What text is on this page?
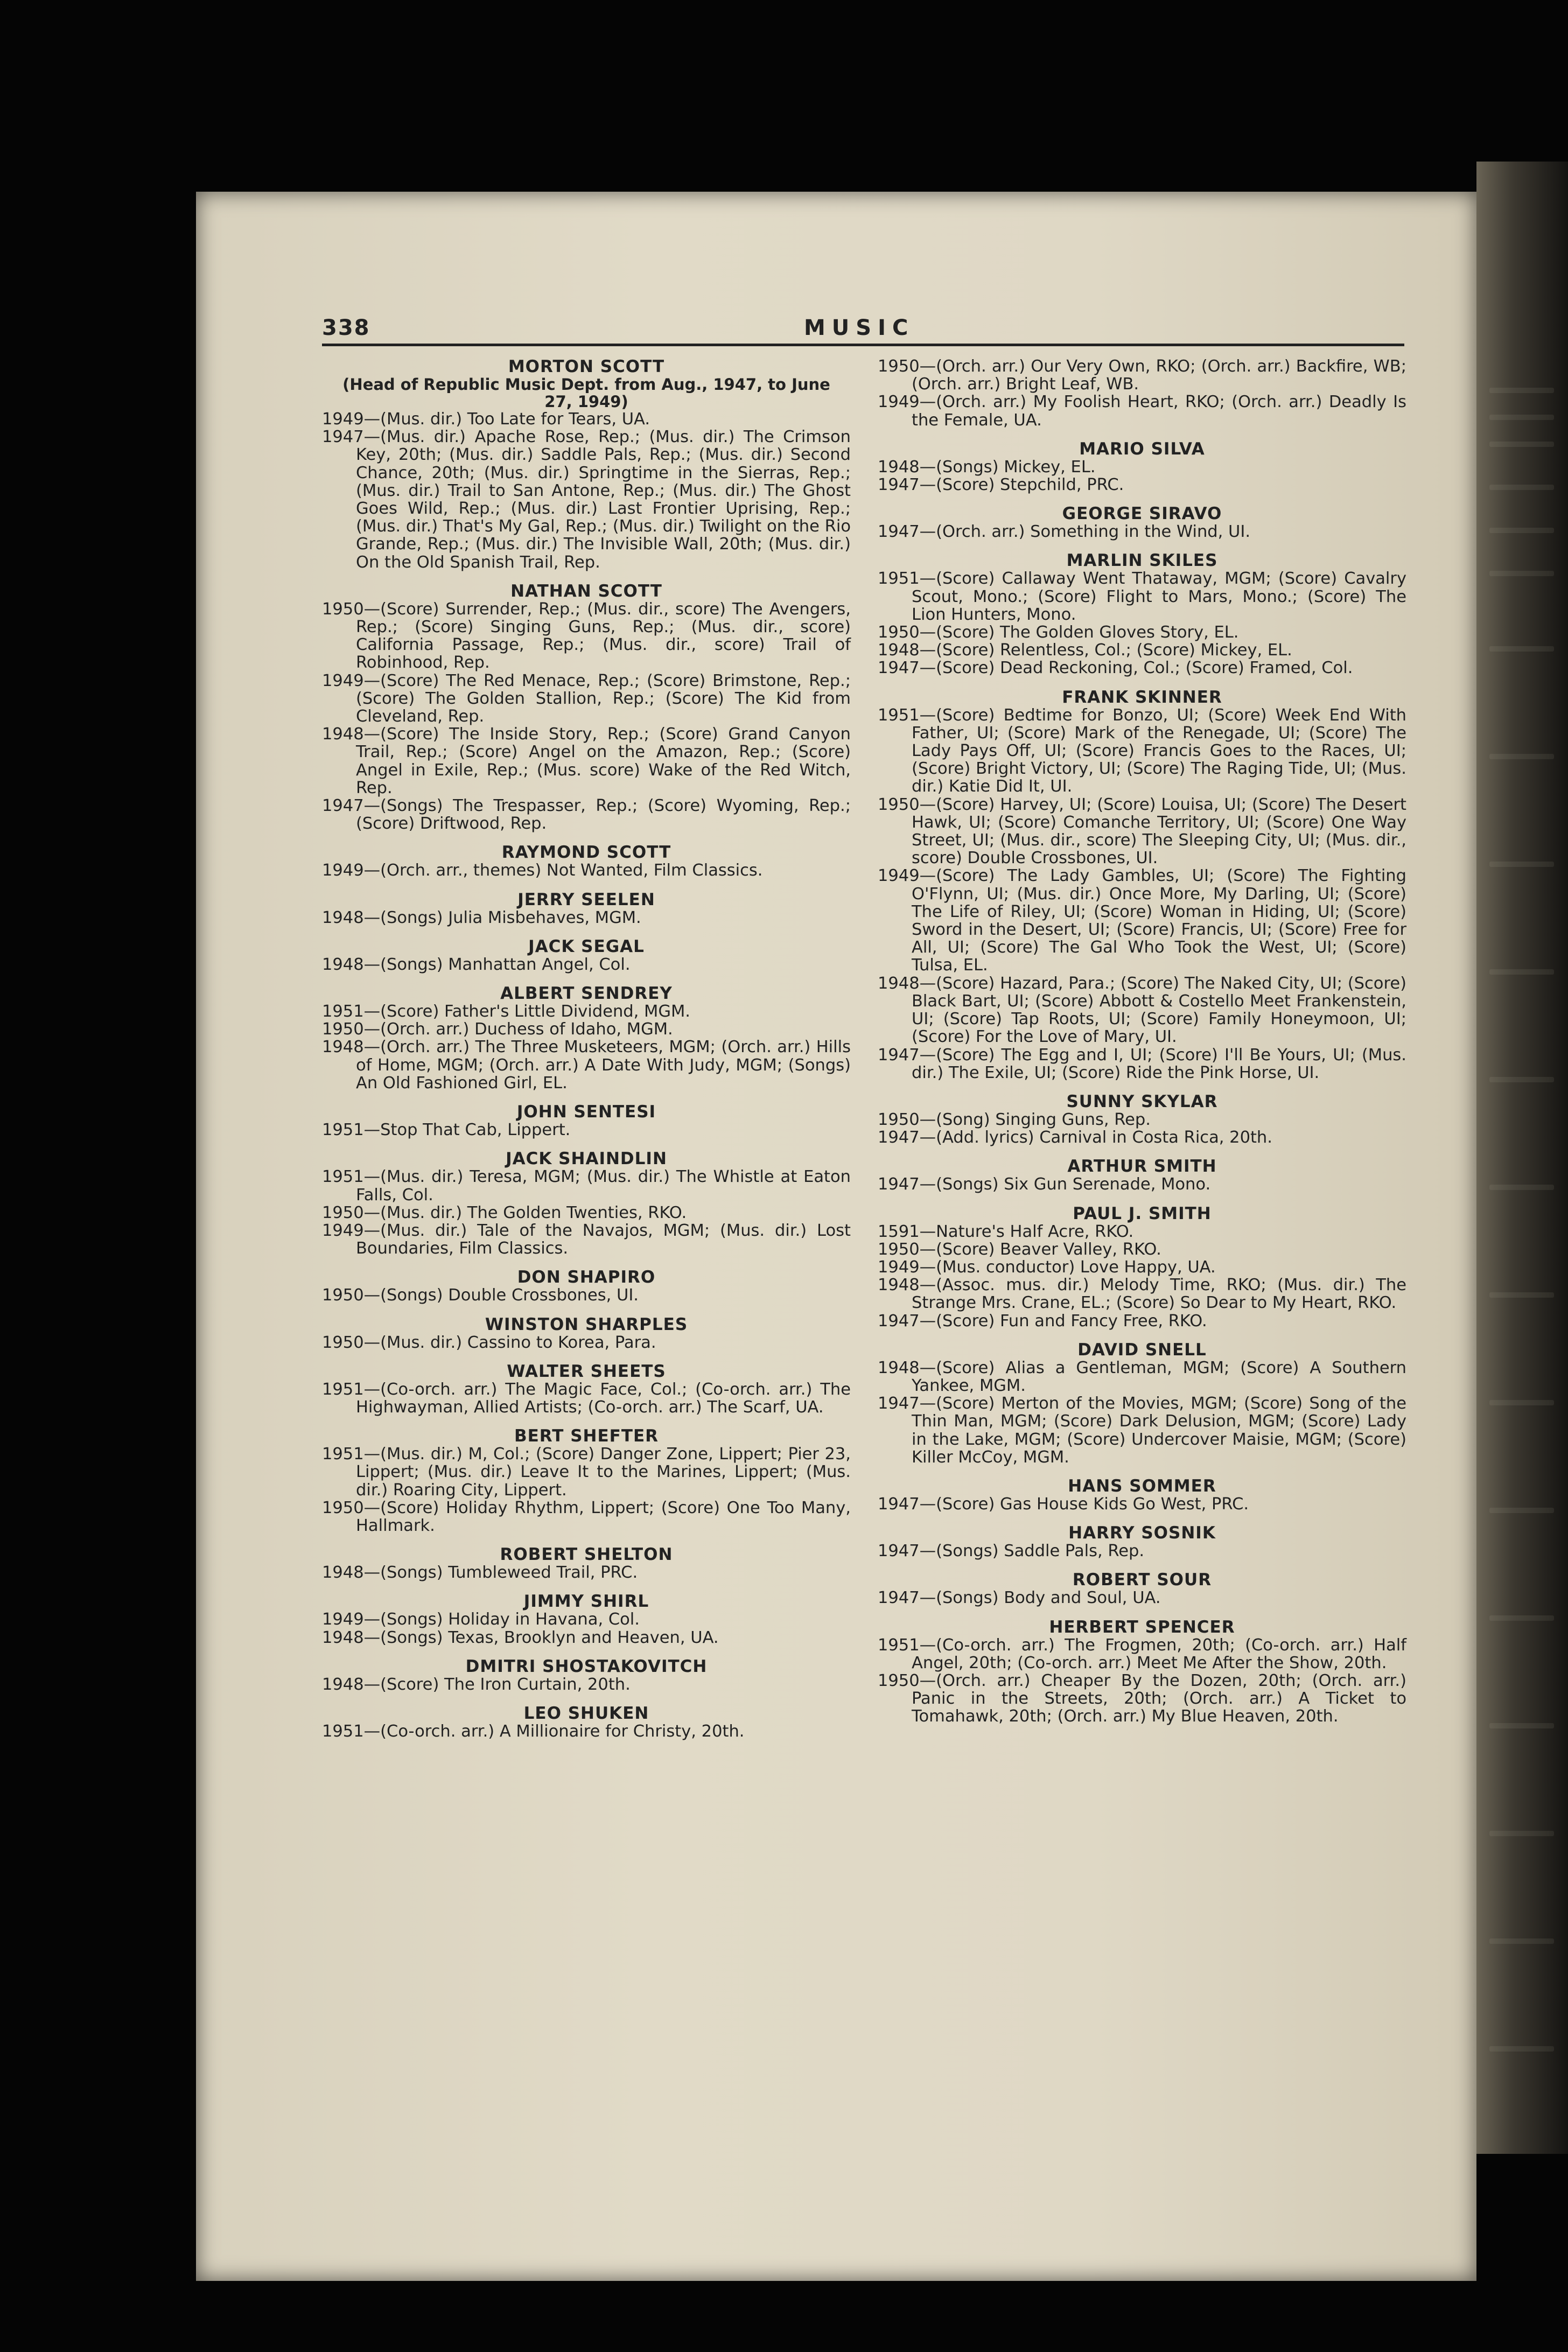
338	MUSIC
MORTON SCOTT
(Head of Republic Music Dept. from Aug., 1947, to June 27, 1949)

1949—(Mus. dir.) Too Late for Tears, UA.

1947—(Mus. dir.) Apache Rose, Rep.; (Mus. dir.) The Crimson Key, 20th; (Mus. dir.) Saddle Pals, Rep.; (Mus. dir.) Second Chance, 20th; (Mus. dir.) Springtime in the Sierras, Rep.; (Mus. dir.) Trail to San Antone, Rep.; (Mus. dir.) The Ghost Goes Wild, Rep.; (Mus. dir.) Last Frontier Uprising, Rep.; (Mus. dir.) That's My Gal, Rep.; (Mus. dir.) Twilight on the Rio Grande, Rep.; (Mus. dir.) The Invisible Wall, 20th; (Mus. dir.) On the Old Spanish Trail, Rep.

NATHAN SCOTT

1950—(Score) Surrender, Rep.; (Mus. dir., score) The Avengers, Rep.; (Score) Singing Guns, Rep.; (Mus. dir., score) California Passage, Rep.; (Mus. dir., score) Trail of Robinhood, Rep.

1949—(Score) The Red Menace, Rep.; (Score) Brimstone, Rep.; (Score) The Golden Stallion, Rep.; (Score) The Kid from Cleveland, Rep.

1948—(Score) The Inside Story, Rep.; (Score) Grand Canyon Trail, Rep.; (Score) Angel on the Amazon, Rep.; (Score) Angel in Exile, Rep.; (Mus. score) Wake of the Red Witch, Rep.

1947—(Songs) The Trespasser, Rep.; (Score) Wyoming, Rep.; (Score) Driftwood, Rep.

RAYMOND SCOTT

1949—(Orch. arr., themes) Not Wanted, Film Classics.

JERRY SEELEN

1948—(Songs) Julia Misbehaves, MGM.

JACK SEGAL

1948—(Songs) Manhattan Angel, Col.

ALBERT SENDREY

1951—(Score) Father's Little Dividend, MGM.

1950—(Orch. arr.) Duchess of Idaho, MGM.

1948—(Orch. arr.) The Three Musketeers, MGM; (Orch. arr.) Hills of Home, MGM; (Orch. arr.) A Date With Judy, MGM; (Songs) An Old Fashioned Girl, EL.

JOHN SENTESI

1951—Stop That Cab, Lippert.

JACK SHAINDLIN

1951—(Mus. dir.) Teresa, MGM; (Mus. dir.) The Whistle at Eaton Falls, Col.

1950—(Mus. dir.) The Golden Twenties, RKO.

1949—(Mus. dir.) Tale of the Navajos, MGM; (Mus. dir.) Lost Boundaries, Film Classics.

DON SHAPIRO

1950—(Songs) Double Crossbones, UI.

WINSTON SHARPLES

1950—(Mus. dir.) Cassino to Korea, Para.

WALTER SHEETS

1951—(Co-orch. arr.) The Magic Face, Col.; (Co-orch. arr.) The Highwayman, Allied Artists; (Co-orch. arr.) The Scarf, UA.

BERT SHEFTER

1951—(Mus. dir.) M, Col.; (Score) Danger Zone, Lippert; Pier 23, Lippert; (Mus. dir.) Leave It to the Marines, Lippert; (Mus. dir.) Roaring City, Lippert.

1950—(Score) Holiday Rhythm, Lippert; (Score) One Too Many, Hallmark.

ROBERT SHELTON

1948—(Songs) Tumbleweed Trail, PRC.

JIMMY SHIRL

1949—(Songs) Holiday in Havana, Col.

1948—(Songs) Texas, Brooklyn and Heaven, UA.

DMITRI SHOSTAKOVITCH

1948—(Score) The Iron Curtain, 20th.

LEO SHUKEN

1951—(Co-orch. arr.) A Millionaire for Christy, 20th.

1950—(Orch. arr.) Our Very Own, RKO; (Orch. arr.) Backfire, WB; (Orch. arr.) Bright Leaf, WB.

1949—(Orch. arr.) My Foolish Heart, RKO; (Orch. arr.) Deadly Is the Female, UA.

MARIO SILVA

1948—(Songs) Mickey, EL.

1947—(Score) Stepchild, PRC.

GEORGE SIRAVO

1947—(Orch. arr.) Something in the Wind, UI.

MARLIN SKILES

1951—(Score) Callaway Went Thataway, MGM; (Score) Cavalry Scout, Mono.; (Score) Flight to Mars, Mono.; (Score) The Lion Hunters, Mono.

1950—(Score) The Golden Gloves Story, EL.

1948—(Score) Relentless, Col.; (Score) Mickey, EL.

1947—(Score) Dead Reckoning, Col.; (Score) Framed, Col.

FRANK SKINNER

1951—(Score) Bedtime for Bonzo, UI; (Score) Week End With Father, UI; (Score) Mark of the Renegade, UI; (Score) The Lady Pays Off, UI; (Score) Francis Goes to the Races, UI; (Score) Bright Victory, UI; (Score) The Raging Tide, UI; (Mus. dir.) Katie Did It, UI.

1950—(Score) Harvey, UI; (Score) Louisa, UI; (Score) The Desert Hawk, UI; (Score) Comanche Territory, UI; (Score) One Way Street, UI; (Mus. dir., score) The Sleeping City, UI; (Mus. dir., score) Double Crossbones, UI.

1949—(Score) The Lady Gambles, UI; (Score) The Fighting O'Flynn, UI; (Mus. dir.) Once More, My Darling, UI; (Score) The Life of Riley, UI; (Score) Woman in Hiding, UI; (Score) Sword in the Desert, UI; (Score) Francis, UI; (Score) Free for All, UI; (Score) The Gal Who Took the West, UI; (Score) Tulsa, EL.

1948—(Score) Hazard, Para.; (Score) The Naked City, UI; (Score) Black Bart, UI; (Score) Abbott & Costello Meet Frankenstein, UI; (Score) Tap Roots, UI; (Score) Family Honeymoon, UI; (Score) For the Love of Mary, UI.

1947—(Score) The Egg and I, UI; (Score) I'll Be Yours, UI; (Mus. dir.) The Exile, UI; (Score) Ride the Pink Horse, UI.

SUNNY SKYLAR

1950—(Song) Singing Guns, Rep.

1947—(Add. lyrics) Carnival in Costa Rica, 20th.

ARTHUR SMITH

1947—(Songs) Six Gun Serenade, Mono.

PAUL J. SMITH

1591—Nature's Half Acre, RKO.

1950—(Score) Beaver Valley, RKO.

1949—(Mus. conductor) Love Happy, UA.

1948—(Assoc. mus. dir.) Melody Time, RKO; (Mus. dir.) The Strange Mrs. Crane, EL.; (Score) So Dear to My Heart, RKO.

1947—(Score) Fun and Fancy Free, RKO.

DAVID SNELL

1948—(Score) Alias a Gentleman, MGM; (Score) A Southern Yankee, MGM.

1947—(Score) Merton of the Movies, MGM; (Score) Song of the Thin Man, MGM; (Score) Dark Delusion, MGM; (Score) Lady in the Lake, MGM; (Score) Undercover Maisie, MGM; (Score) Killer McCoy, MGM.

HANS SOMMER

1947—(Score) Gas House Kids Go West, PRC.

HARRY SOSNIK

1947—(Songs) Saddle Pals, Rep.

ROBERT SOUR

1947—(Songs) Body and Soul, UA.

HERBERT SPENCER

1951—(Co-orch. arr.) The Frogmen, 20th; (Co-orch. arr.) Half Angel, 20th; (Co-orch. arr.) Meet Me After the Show, 20th.

1950—(Orch. arr.) Cheaper By the Dozen, 20th; (Orch. arr.) Panic in the Streets, 20th; (Orch. arr.) A Ticket to Tomahawk, 20th; (Orch. arr.) My Blue Heaven, 20th.
